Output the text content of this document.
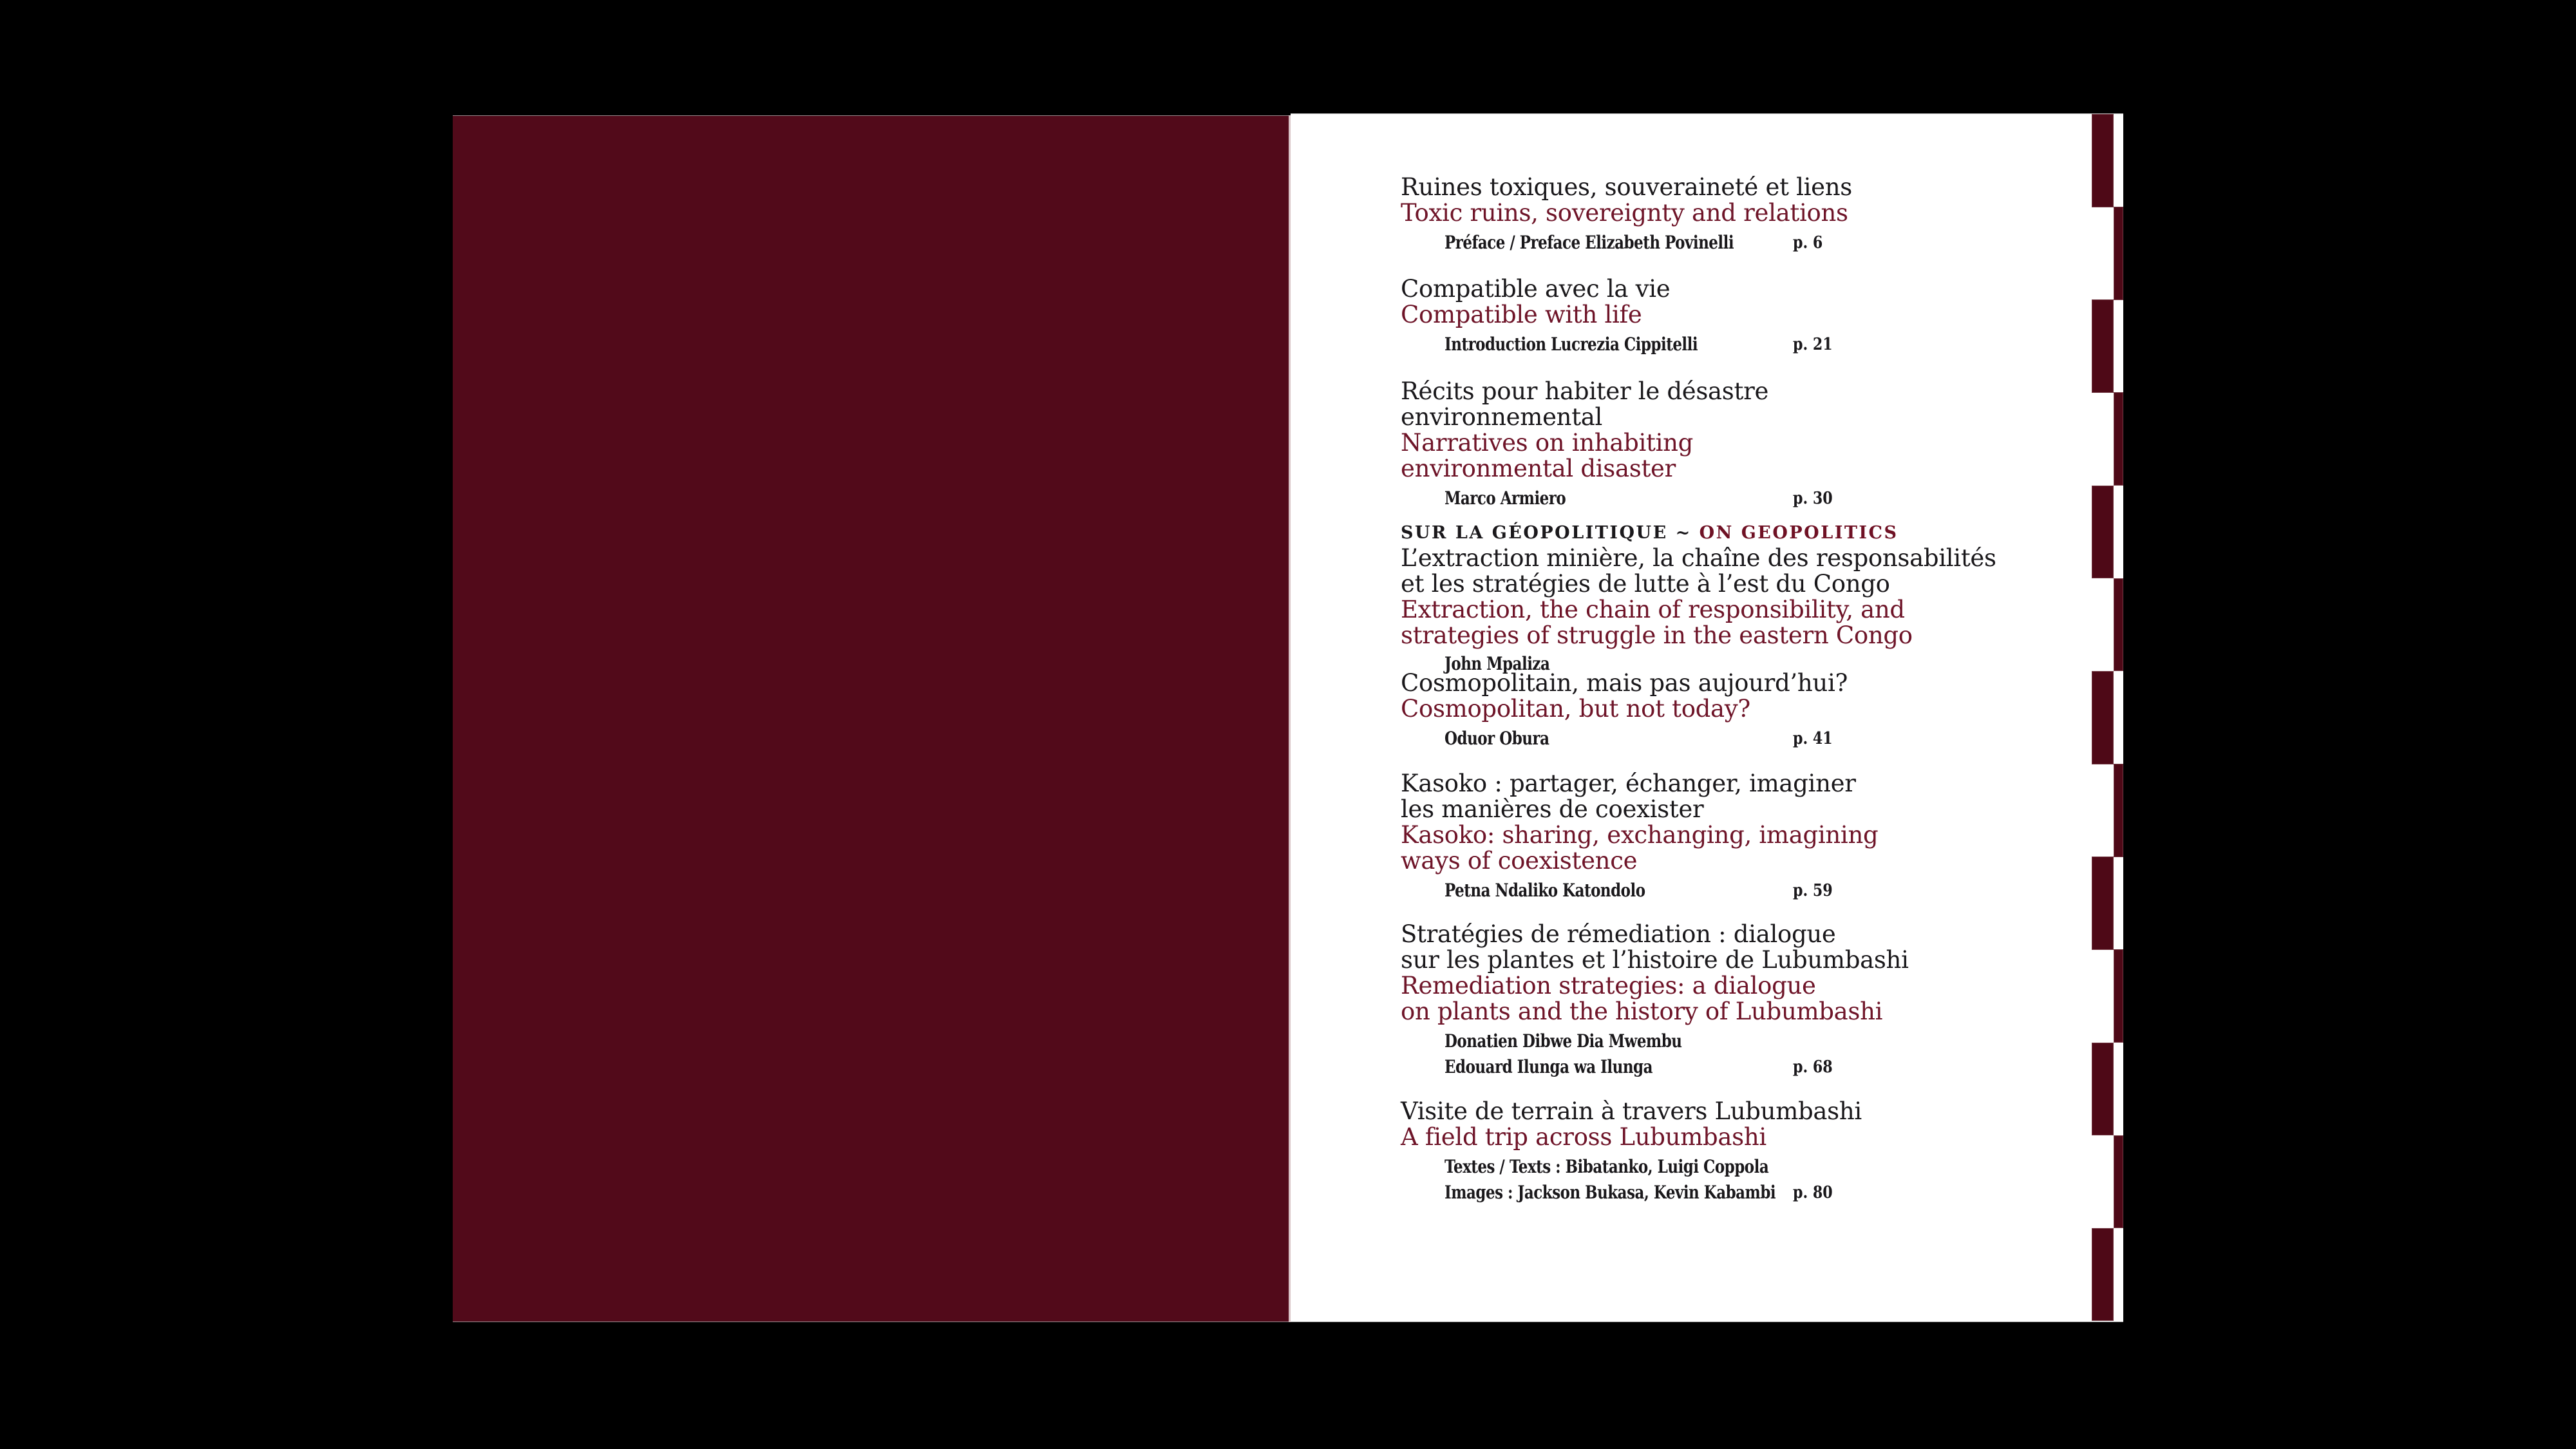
Ruines toxiques, souveraineté et liens
Toxic ruins, sovereignty and relations
Préface / Preface Elizabeth Povinelli	p. 6
Compatible avec la vie
Compatible with life
Introduction Lucrezia Cippitelli	p. 21
Récits pour habiter le désastre
environnemental
Narratives on inhabiting
environmental disaster
Marco Armiero	p. 30
SUR LA GÉOPOLITIQUE ~ ON GEOPOLITICS
L’extraction minière, la chaîne des responsabilités
et les stratégies de lutte à l’est du Congo
Extraction, the chain of responsibility, and
strategies of struggle in the eastern Congo
John Mpaliza
Cosmopolitain, mais pas aujourd’hui?
Cosmopolitan, but not today?
Oduor Obura	p. 41
Kasoko : partager, échanger, imaginer
les manières de coexister
Kasoko: sharing, exchanging, imagining
ways of coexistence
Petna Ndaliko Katondolo	p. 59
Stratégies de rémediation : dialogue
sur les plantes et l’histoire de Lubumbashi
Remediation strategies: a dialogue
on plants and the history of Lubumbashi
Donatien Dibwe Dia Mwembu
Edouard Ilunga wa Ilunga	p. 68
Visite de terrain à travers Lubumbashi
A field trip across Lubumbashi
Textes / Texts : Bibatanko, Luigi Coppola
Images : Jackson Bukasa, Kevin Kabambi p. 80
